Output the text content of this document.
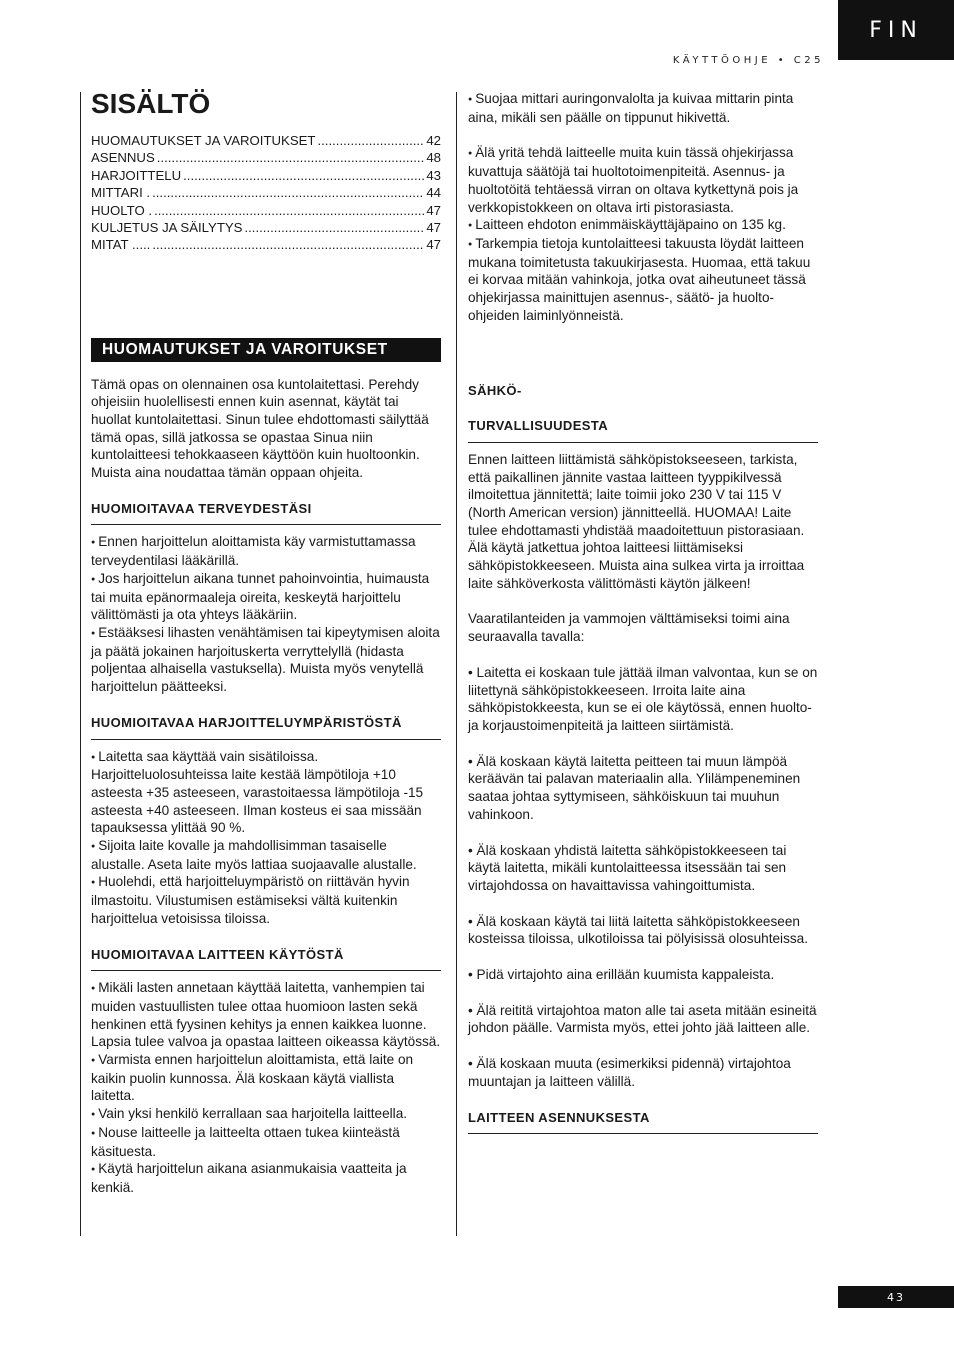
FIN
KÄYTTÖOHJE • C25
SISÄLTÖ
HUOMAUTUKSET JA VAROITUKSET .....	42
ASENNUS .....	48
HARJOITTELU .....	43
MITTARI . .....	44
HUOLTO . .....	47
KULJETUS JA SÄILYTYS .....	47
MITAT ..... .....	47
HUOMAUTUKSET JA VAROITUKSET

Tämä opas on olennainen osa kuntolaitettasi. Perehdy ohjeisiin huolellisesti ennen kuin asennat, käytät tai huollat kuntolaitettasi. Sinun tulee ehdottomasti säilyttää tämä opas, sillä jatkossa se opastaa Sinua niin kuntolaitteesi tehokkaaseen käyttöön kuin huoltoonkin. Muista aina noudattaa tämän oppaan ohjeita.

HUOMIOITAVAA TERVEYDESTÄSI

● Ennen harjoittelun aloittamista käy varmistuttamassa terveydentilasi lääkärillä.

● Jos harjoittelun aikana tunnet pahoinvointia, huimausta tai muita epänormaaleja oireita, keskeytä harjoittelu välittömästi ja ota yhteys lääkäriin.

● Estääksesi lihasten venähtämisen tai kipeytymisen aloita ja päätä jokainen harjoituskerta verryttelyllä (hidasta poljentaa alhaisella vastuksella). Muista myös venytellä harjoittelun päätteeksi.

HUOMIOITAVAA HARJOITTELUYMPÄRISTÖSTÄ

● Laitetta saa käyttää vain sisätiloissa. Harjoitteluolosuhteissa laite kestää lämpötiloja +10 asteesta +35 asteeseen, varastoitaessa lämpötiloja -15 asteesta +40 asteeseen. Ilman kosteus ei saa missään tapauksessa ylittää 90 %.

● Sijoita laite kovalle ja mahdollisimman tasaiselle alustalle. Aseta laite myös lattiaa suojaavalle alustalle.

● Huolehdi, että harjoitteluympäristö on riittävän hyvin ilmastoitu. Vilustumisen estämiseksi vältä kuitenkin harjoittelua vetoisissa tiloissa.

HUOMIOITAVAA LAITTEEN KÄYTÖSTÄ

● Mikäli lasten annetaan käyttää laitetta, vanhempien tai muiden vastuullisten tulee ottaa huomioon lasten sekä henkinen että fyysinen kehitys ja ennen kaikkea luonne. Lapsia tulee valvoa ja opastaa laitteen oikeassa käytössä.

● Varmista ennen harjoittelun aloittamista, että laite on kaikin puolin kunnossa. Älä koskaan käytä viallista laitetta.

● Vain yksi henkilö kerrallaan saa harjoitella laitteella.

● Nouse laitteelle ja laitteelta ottaen tukea kiinteästä käsituesta.

● Käytä harjoittelun aikana asianmukaisia vaatteita ja kenkiä.

● Suojaa mittari auringonvalolta ja kuivaa mittarin pinta aina, mikäli sen päälle on tippunut hikivettä.

● Älä yritä tehdä laitteelle muita kuin tässä ohjekirjassa kuvattuja säätöjä tai huoltotoimenpiteitä. Asennus- ja huoltotöitä tehtäessä virran on oltava kytkettynä pois ja verkkopistokkeen on oltava irti pistorasiasta.

● Laitteen ehdoton enimmäiskäyttäjäpaino on 135 kg.

● Tarkempia tietoja kuntolaitteesi takuusta löydät laitteen mukana toimitetusta takuukirjasesta. Huomaa, että takuu ei korvaa mitään vahinkoja, jotka ovat aiheutuneet tässä ohjekirjassa mainittujen asennus-, säätö- ja huolto-ohjeiden laiminlyönneistä.

SÄHKÖ-
TURVALLISUUDESTA

Ennen laitteen liittämistä sähköpistokseeseen, tarkista, että paikallinen jännite vastaa laitteen tyyppikilvessä ilmoitettua jännitettä; laite toimii joko 230 V tai 115 V (North American version) jännitteellä. HUOMAA! Laite tulee ehdottamasti yhdistää maadoitettuun pistorasiaan. Älä käytä jatkettua johtoa laitteesi liittämiseksi sähköpistokkeeseen. Muista aina sulkea virta ja irroittaa laite sähköverkosta välittömästi käytön jälkeen!

Vaaratilanteiden ja vammojen välttämiseksi toimi aina seuraavalla tavalla:

• Laitetta ei koskaan tule jättää ilman valvontaa, kun se on liitettynä sähköpistokkeeseen. Irroita laite aina sähköpistokkeesta, kun se ei ole käytössä, ennen huolto- ja korjaustoimenpiteitä ja laitteen siirtämistä.

• Älä koskaan käytä laitetta peitteen tai muun lämpöä keräävän tai palavan materiaalin alla. Ylilämpeneminen saataa johtaa syttymiseen, sähköiskuun tai muuhun vahinkoon.

• Älä koskaan yhdistä laitetta sähköpistokkeeseen tai käytä laitetta, mikäli kuntolaitteessa itsessään tai sen virtajohdossa on havaittavissa vahingoittumista.

• Älä koskaan käytä tai liitä laitetta sähköpistokkeeseen kosteissa tiloissa, ulkotiloissa tai pölyisissä olosuhteissa.

• Pidä virtajohto aina erillään kuumista kappaleista.

• Älä reititä virtajohtoa maton alle tai aseta mitään esineitä johdon päälle. Varmista myös, ettei johto jää laitteen alle.

• Älä koskaan muuta (esimerkiksi pidennä) virtajohtoa muuntajan ja laitteen välillä.

LAITTEEN ASENNUKSESTA
43
